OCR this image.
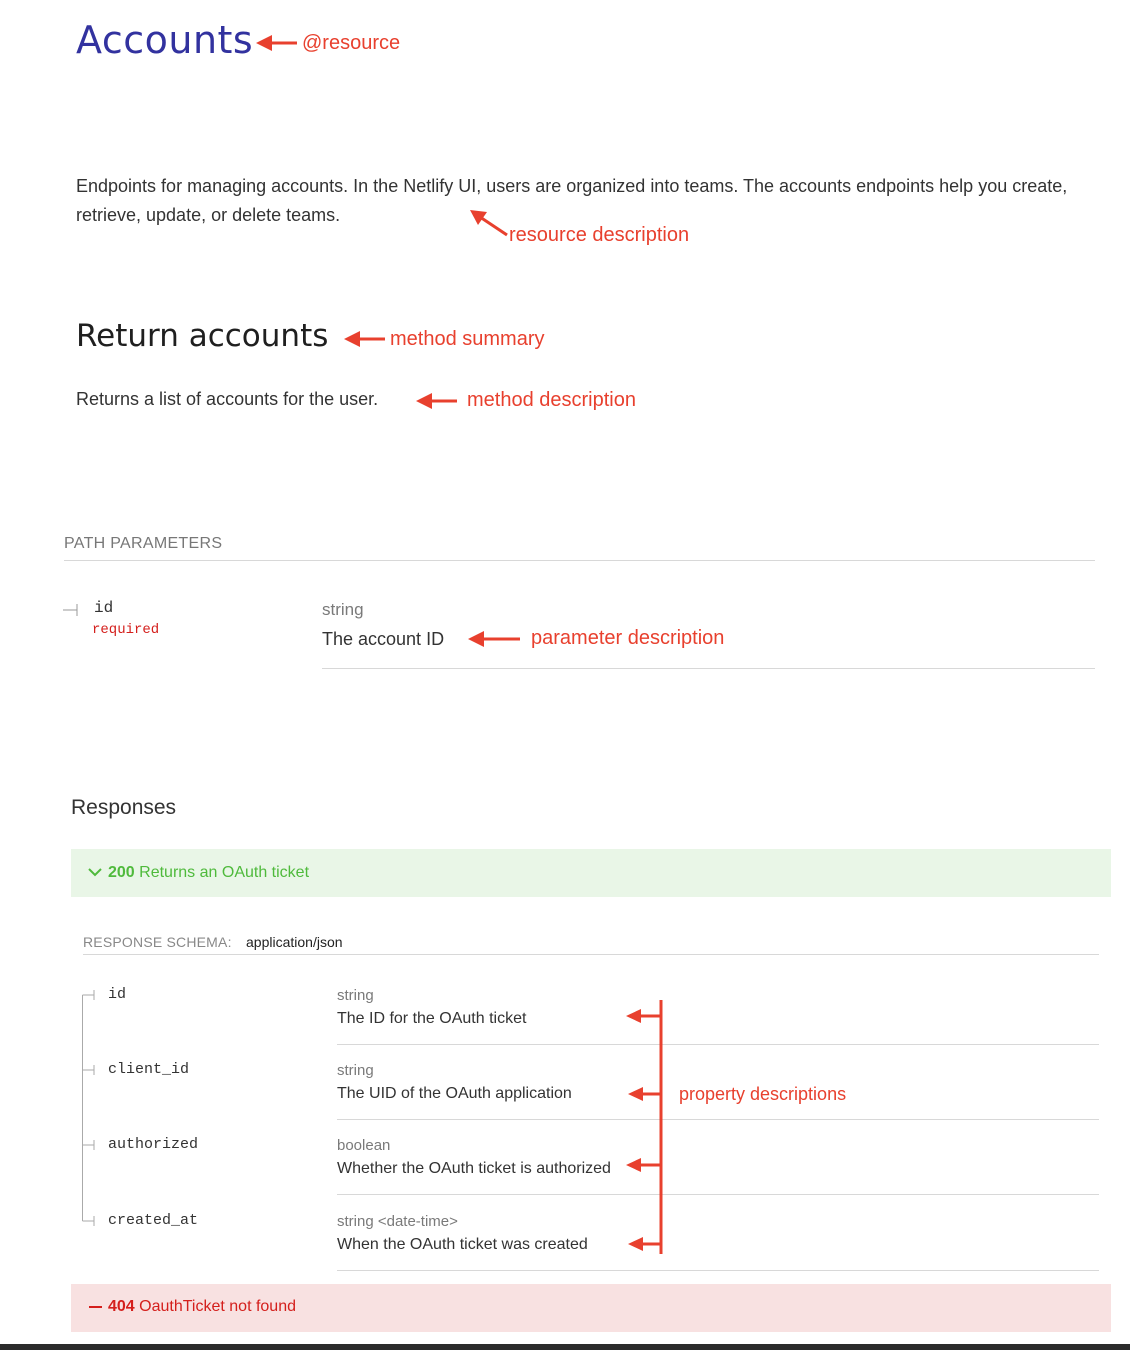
Accounts @resource
Endpoints for managing accounts. In the Netlify UI, users are organized into teams. The accounts endpoints help you create, retrieve, update, or delete teams.
resource description
Return accounts	method summary
Returns a list of accounts for the user.	method description
PATH PARAMETERS
id
required
string
The account ID	parameter description
Responses
200 Returns an OAuth ticket
RESPONSE SCHEMA: application/json
id	string
The ID for the OAuth ticket
client_id	string
The UID of the OAuth application
authorized	boolean
Whether the OAuth ticket is authorized
created_at	string <date-time>
When the OAuth ticket was created
property descriptions
404 OauthTicket not found
